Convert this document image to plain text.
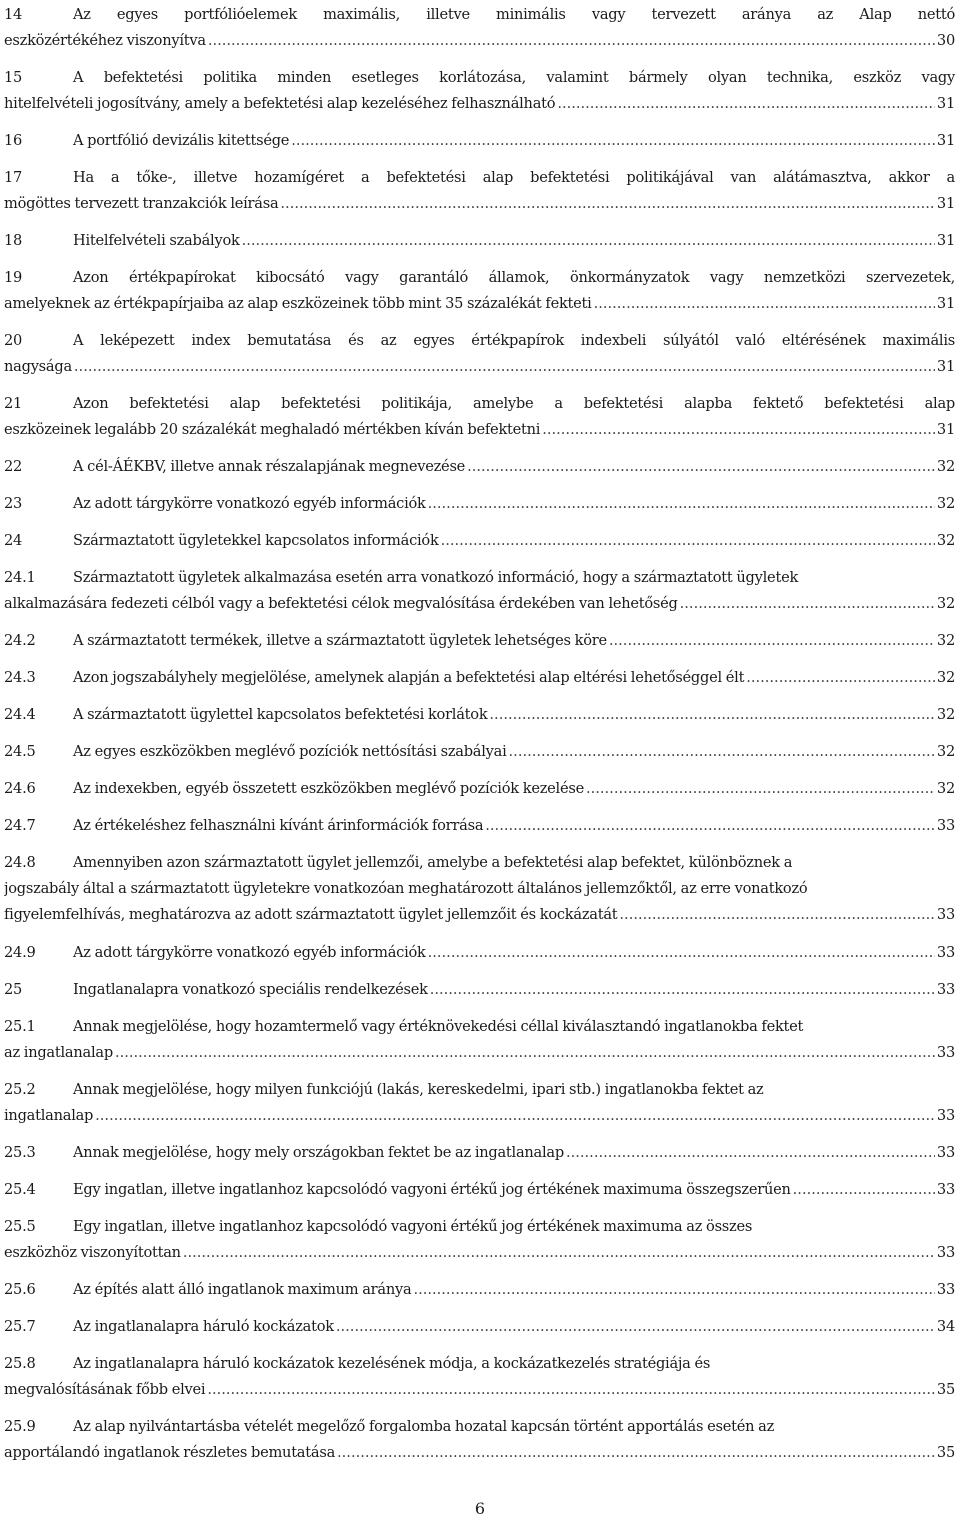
14	Az egyes portfólióelemek maximális, illetve minimális vagy tervezett aránya az Alap nettó
eszközértékéhez viszonyítva .....	30
15	A befektetési politika minden esetleges korlátozása, valamint bármely olyan technika, eszköz vagy
hitelfelvételi jogosítvány, amely a befektetési alap kezeléséhez felhasználható .....	31
16	A portfólió devizális kitettsége .....	31
17	Ha a tőke-, illetve hozamígéret a befektetési alap befektetési politikájával van alátámasztva, akkor a
mögöttes tervezett tranzakciók leírása .....	31
18	Hitelfelvételi szabályok .....	31
19	Azon értékpapírokat kibocsátó vagy garantáló államok, önkormányzatok vagy nemzetközi szervezetek,
amelyeknek az értékpapírjaiba az alap eszközeinek több mint 35 százalékát fekteti .....	31
20	A leképezett index bemutatása és az egyes értékpapírok indexbeli súlyától való eltérésének maximális
nagysága .....	31
21	Azon befektetési alap befektetési politikája, amelybe a befektetési alapba fektető befektetési alap
eszközeinek legalább 20 százalékát meghaladó mértékben kíván befektetni .....	31
22	A cél-ÁÉKBV, illetve annak részalapjának megnevezése .....	32
23	Az adott tárgykörre vonatkozó egyéb információk .....	32
24	Származtatott ügyletekkel kapcsolatos információk .....	32
24.1	Származtatott ügyletek alkalmazása esetén arra vonatkozó információ, hogy a származtatott ügyletek
alkalmazására fedezeti célból vagy a befektetési célok megvalósítása érdekében van lehetőség .....	32
24.2	A származtatott termékek, illetve a származtatott ügyletek lehetséges köre .....	32
24.3	Azon jogszabályhely megjelölése, amelynek alapján a befektetési alap eltérési lehetőséggel élt .....	32
24.4	A származtatott ügylettel kapcsolatos befektetési korlátok .....	32
24.5	Az egyes eszközökben meglévő pozíciók nettósítási szabályai .....	32
24.6	Az indexekben, egyéb összetett eszközökben meglévő pozíciók kezelése .....	32
24.7	Az értékeléshez felhasználni kívánt árinformációk forrása .....	33
24.8	Amennyiben azon származtatott ügylet jellemzői, amelybe a befektetési alap befektet, különböznek a
jogszabály által a származtatott ügyletekre vonatkozóan meghatározott általános jellemzőktől, az erre vonatkozó
figyelemfelhívás, meghatározva az adott származtatott ügylet jellemzőit és kockázatát .....	33
24.9	Az adott tárgykörre vonatkozó egyéb információk .....	33
25	Ingatlanalapra vonatkozó speciális rendelkezések .....	33
25.1	Annak megjelölése, hogy hozamtermelő vagy értéknövekedési céllal kiválasztandó ingatlanokba fektet
az ingatlanalap .....	33
25.2	Annak megjelölése, hogy milyen funkciójú (lakás, kereskedelmi, ipari stb.) ingatlanokba fektet az
ingatlanalap .....	33
25.3	Annak megjelölése, hogy mely országokban fektet be az ingatlanalap .....	33
25.4	Egy ingatlan, illetve ingatlanhoz kapcsolódó vagyoni értékű jog értékének maximuma összegszerűen .....	33
25.5	Egy ingatlan, illetve ingatlanhoz kapcsolódó vagyoni értékű jog értékének maximuma az összes
eszközhöz viszonyítottan .....	33
25.6	Az építés alatt álló ingatlanok maximum aránya .....	33
25.7	Az ingatlanalapra háruló kockázatok .....	34
25.8	Az ingatlanalapra háruló kockázatok kezelésének módja, a kockázatkezelés stratégiája és
megvalósításának főbb elvei .....	35
25.9	Az alap nyilvántartásba vételét megelőző forgalomba hozatal kapcsán történt apportálás esetén az
apportálandó ingatlanok részletes bemutatása .....	35
6
